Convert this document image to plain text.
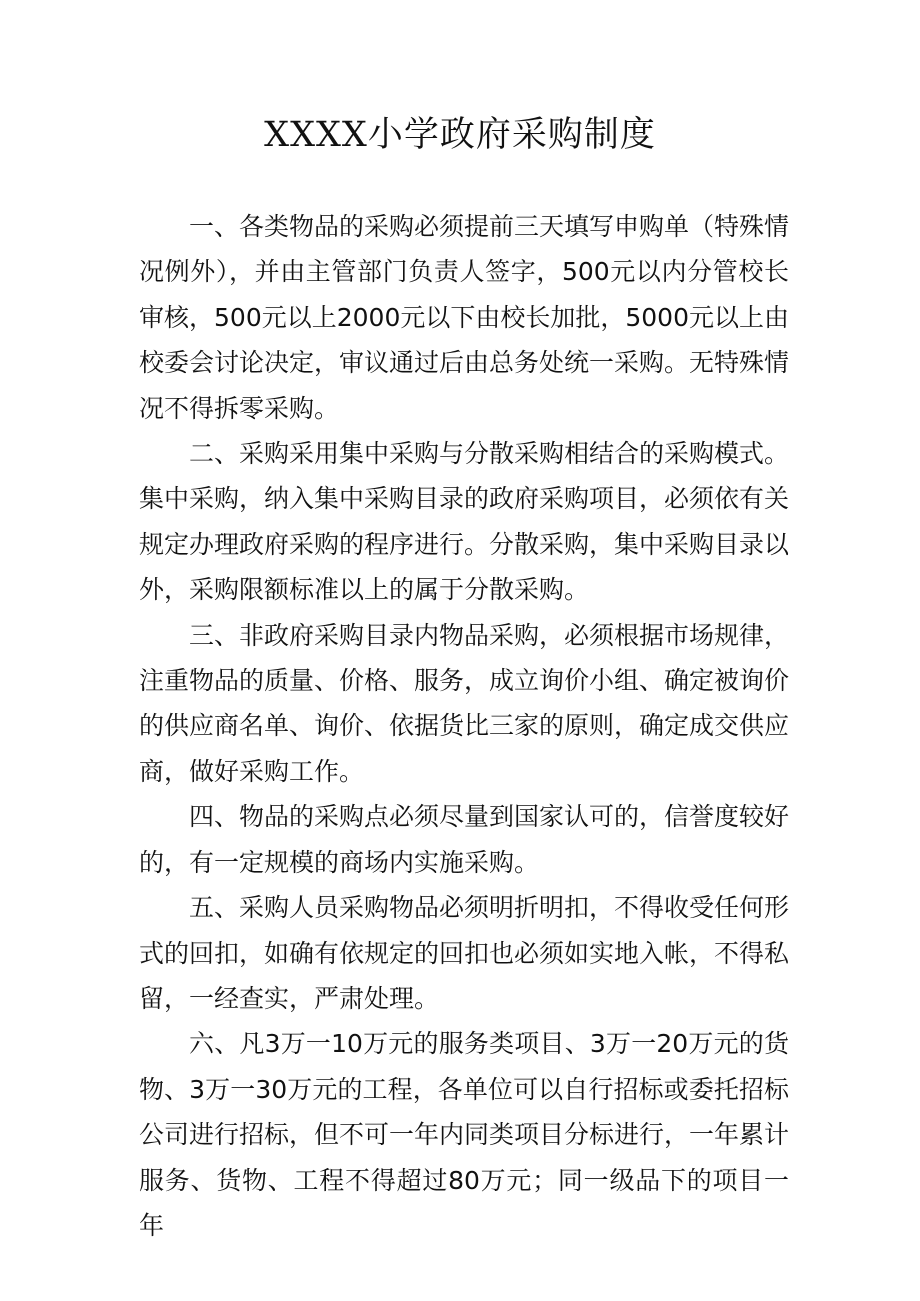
XXXX小学政府采购制度

一、各类物品的采购必须提前三天填写申购单（特殊情况例外），并由主管部门负责人签字，500元以内分管校长审核，500元以上2000元以下由校长加批，5000元以上由校委会讨论决定，审议通过后由总务处统一采购。无特殊情况不得拆零采购。

二、采购采用集中采购与分散采购相结合的采购模式。集中采购，纳入集中采购目录的政府采购项目，必须依有关规定办理政府采购的程序进行。分散采购，集中采购目录以外，采购限额标准以上的属于分散采购。

三、非政府采购目录内物品采购，必须根据市场规律，注重物品的质量、价格、服务，成立询价小组、确定被询价的供应商名单、询价、依据货比三家的原则，确定成交供应商，做好采购工作。

四、物品的采购点必须尽量到国家认可的，信誉度较好的，有一定规模的商场内实施采购。

五、采购人员采购物品必须明折明扣，不得收受任何形式的回扣，如确有依规定的回扣也必须如实地入帐，不得私留，一经查实，严肃处理。

六、凡3万一10万元的服务类项目、3万一20万元的货物、3万一30万元的工程，各单位可以自行招标或委托招标公司进行招标，但不可一年内同类项目分标进行，一年累计服务、货物、工程不得超过80万元；同一级品下的项目一年
